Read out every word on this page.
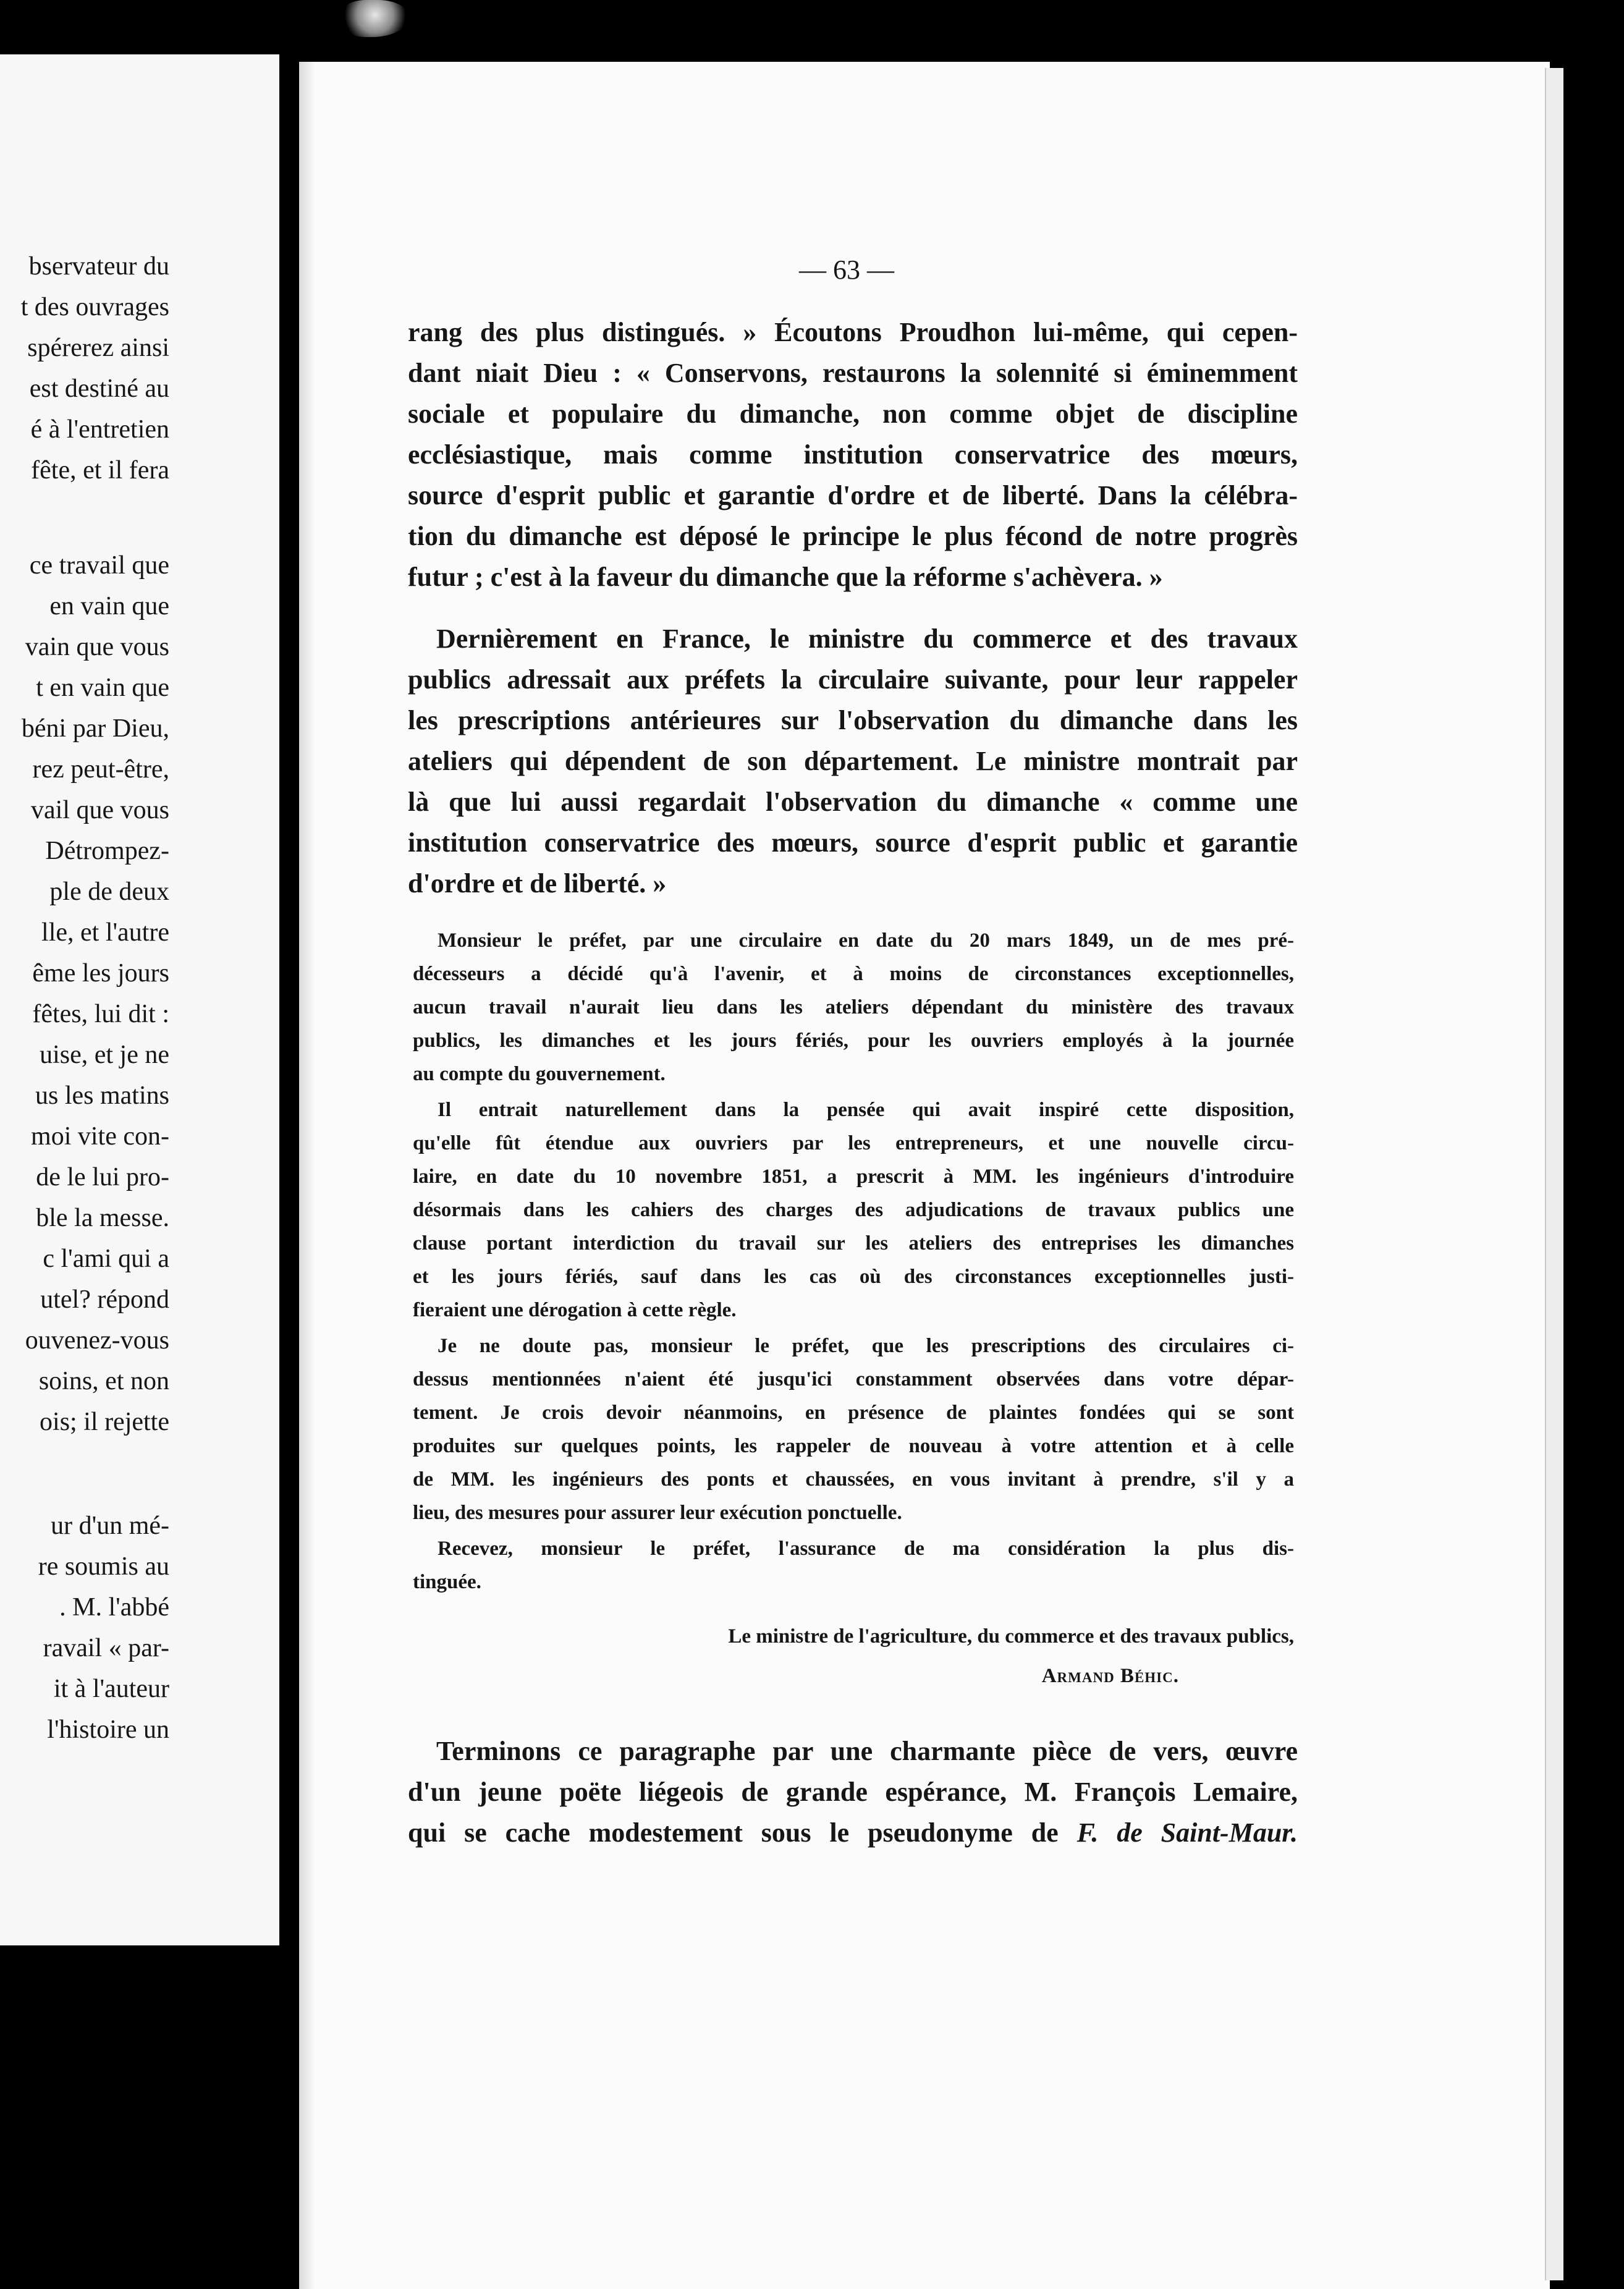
bservateur du
t des ouvrages
spérerez ainsi
est destiné au
é à l'entretien
fête, et il fera
ce travail que
en vain que
vain que vous
t en vain que
béni par Dieu,
rez peut-être,
vail que vous
Détrompez-
ple de deux
lle, et l'autre
ême les jours
fêtes, lui dit :
uise, et je ne
us les matins
moi vite con-
de le lui pro-
ble la messe.
c l'ami qui a
utel? répond
ouvenez-vous
soins, et non
ois; il rejette
ur d'un mé-
re soumis au
. M. l'abbé
ravail « par-
it à l'auteur
l'histoire un
— 63 —
rang des plus distingués. » Écoutons Proudhon lui-même, qui cepen-
dant niait Dieu : « Conservons, restaurons la solennité si éminemment
sociale et populaire du dimanche, non comme objet de discipline
ecclésiastique, mais comme institution conservatrice des mœurs,
source d'esprit public et garantie d'ordre et de liberté. Dans la célébra-
tion du dimanche est déposé le principe le plus fécond de notre progrès
futur ; c'est à la faveur du dimanche que la réforme s'achèvera. »
Dernièrement en France, le ministre du commerce et des travaux
publics adressait aux préfets la circulaire suivante, pour leur rappeler
les prescriptions antérieures sur l'observation du dimanche dans les
ateliers qui dépendent de son département. Le ministre montrait par
là que lui aussi regardait l'observation du dimanche « comme une
institution conservatrice des mœurs, source d'esprit public et garantie
d'ordre et de liberté. »
Monsieur le préfet, par une circulaire en date du 20 mars 1849, un de mes pré-
décesseurs a décidé qu'à l'avenir, et à moins de circonstances exceptionnelles,
aucun travail n'aurait lieu dans les ateliers dépendant du ministère des travaux
publics, les dimanches et les jours fériés, pour les ouvriers employés à la journée
au compte du gouvernement.
Il entrait naturellement dans la pensée qui avait inspiré cette disposition,
qu'elle fût étendue aux ouvriers par les entrepreneurs, et une nouvelle circu-
laire, en date du 10 novembre 1851, a prescrit à MM. les ingénieurs d'introduire
désormais dans les cahiers des charges des adjudications de travaux publics une
clause portant interdiction du travail sur les ateliers des entreprises les dimanches
et les jours fériés, sauf dans les cas où des circonstances exceptionnelles justi-
fieraient une dérogation à cette règle.
Je ne doute pas, monsieur le préfet, que les prescriptions des circulaires ci-
dessus mentionnées n'aient été jusqu'ici constamment observées dans votre dépar-
tement. Je crois devoir néanmoins, en présence de plaintes fondées qui se sont
produites sur quelques points, les rappeler de nouveau à votre attention et à celle
de MM. les ingénieurs des ponts et chaussées, en vous invitant à prendre, s'il y a
lieu, des mesures pour assurer leur exécution ponctuelle.
Recevez, monsieur le préfet, l'assurance de ma considération la plus dis-
tinguée.
Le ministre de l'agriculture, du commerce et des travaux publics,
Armand Béhic.
Terminons ce paragraphe par une charmante pièce de vers, œuvre
d'un jeune poëte liégeois de grande espérance, M. François Lemaire,
qui se cache modestement sous le pseudonyme de F. de Saint-Maur.
